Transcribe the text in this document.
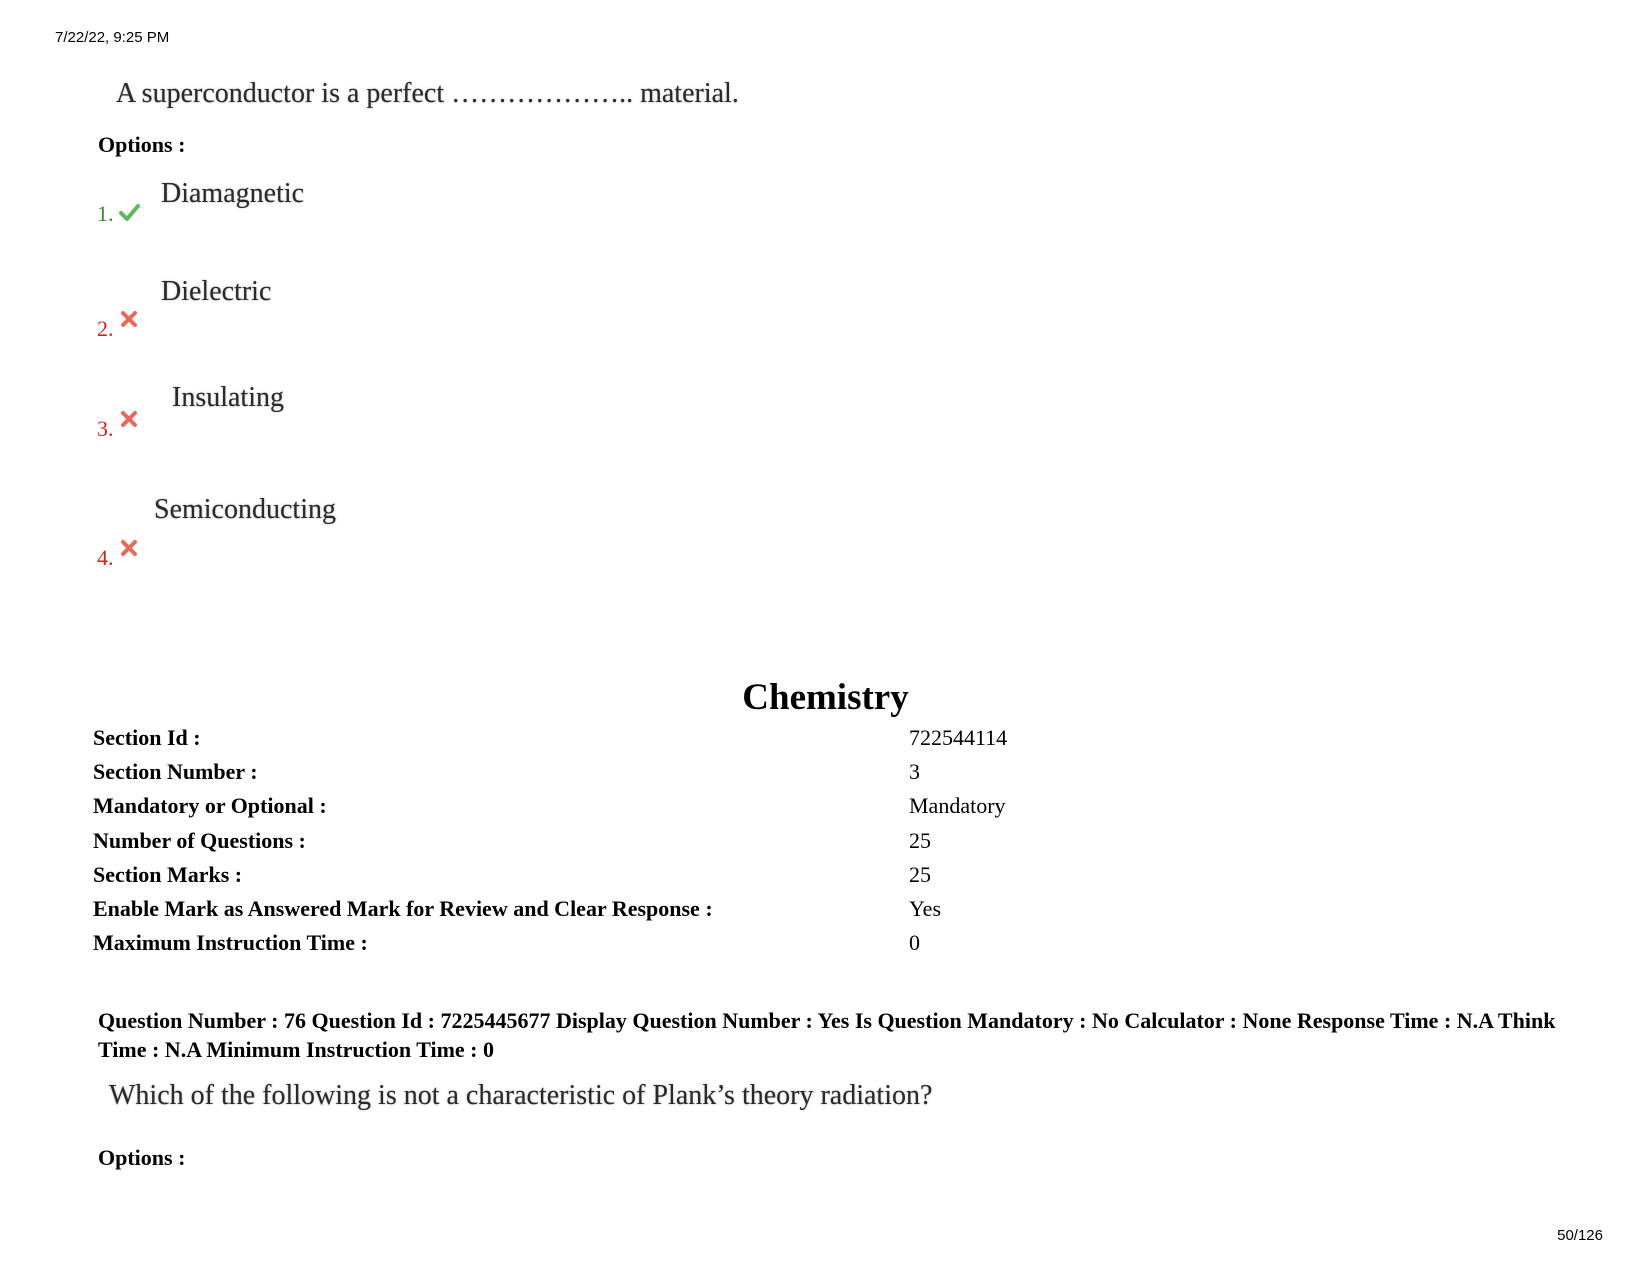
7/22/22, 9:25 PM
A superconductor is a perfect ……………….. material.
Options :
Diamagnetic
1.
Dielectric
2.
Insulating
3.
Semiconducting
4.
Chemistry
Section Id :	722544114
Section Number :	3
Mandatory or Optional :	Mandatory
Number of Questions :	25
Section Marks :	25
Enable Mark as Answered Mark for Review and Clear Response :	Yes
Maximum Instruction Time :	0
Question Number : 76 Question Id : 7225445677 Display Question Number : Yes Is Question Mandatory : No Calculator : None Response Time : N.A Think Time : N.A Minimum Instruction Time : 0
Which of the following is not a characteristic of Plank’s theory radiation?
Options :
50/126
